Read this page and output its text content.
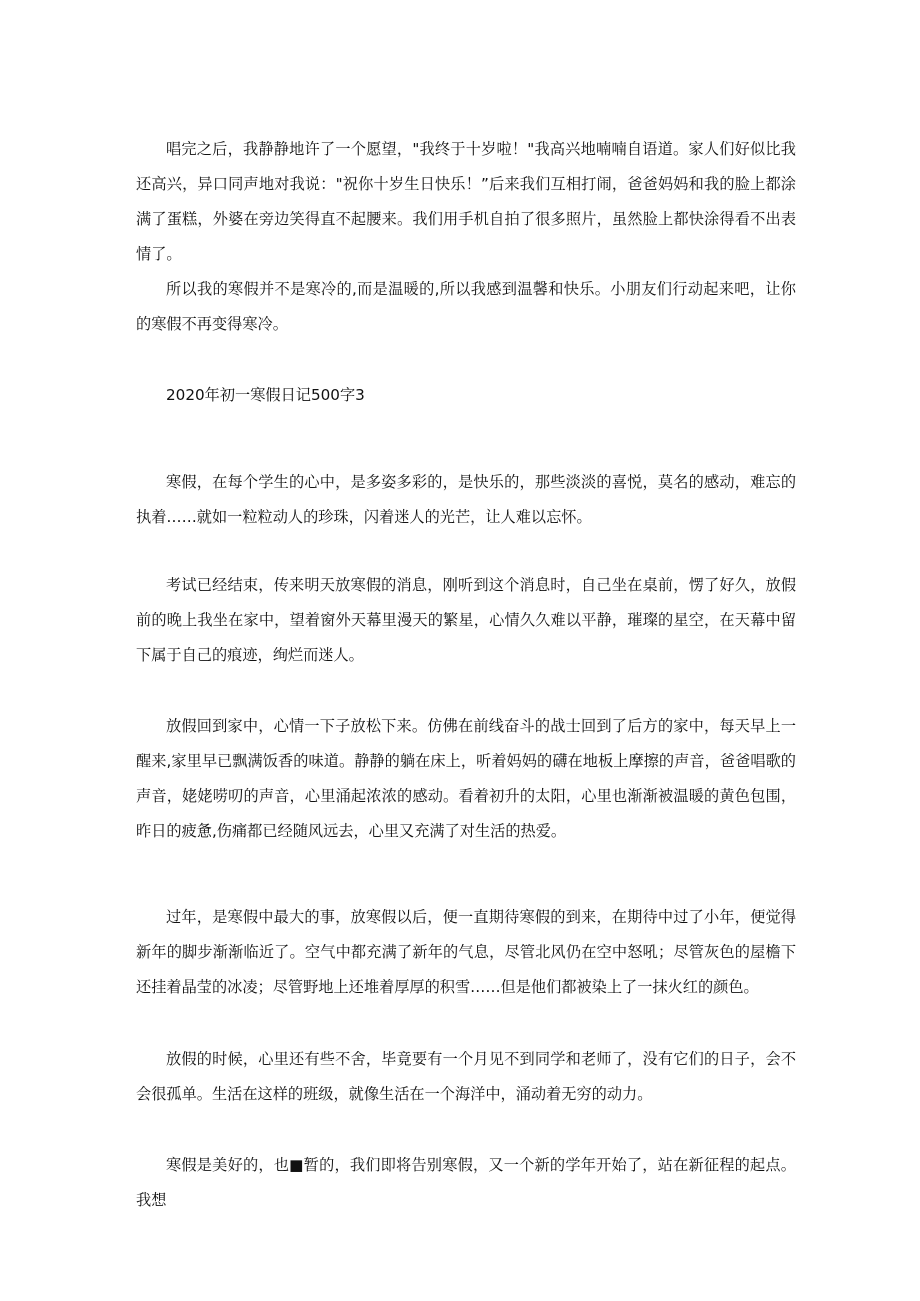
唱完之后，我静静地许了一个愿望，"我终于十岁啦！"我高兴地喃喃自语道。家人们好似比我还高兴，异口同声地对我说："祝你十岁生日快乐！”后来我们互相打闹，爸爸妈妈和我的脸上都涂满了蛋糕，外婆在旁边笑得直不起腰来。我们用手机自拍了很多照片，虽然脸上都快涂得看不出表情了。

所以我的寒假并不是寒冷的,而是温暖的,所以我感到温馨和快乐。小朋友们行动起来吧，让你的寒假不再变得寒冷。

2020年初一寒假日记500字3

寒假，在每个学生的心中，是多姿多彩的，是快乐的，那些淡淡的喜悦，莫名的感动，难忘的执着……就如一粒粒动人的珍珠，闪着迷人的光芒，让人难以忘怀。

考试已经结束，传来明天放寒假的消息，刚听到这个消息时，自己坐在桌前，愣了好久，放假前的晚上我坐在家中，望着窗外天幕里漫天的繁星，心情久久难以平静，璀璨的星空，在天幕中留下属于自己的痕迹，绚烂而迷人。

放假回到家中，心情一下子放松下来。仿佛在前线奋斗的战士回到了后方的家中，每天早上一醒来,家里早已飘满饭香的味道。静静的躺在床上，听着妈妈的礴在地板上摩擦的声音，爸爸唱歌的声音，姥姥唠叨的声音，心里涌起浓浓的感动。看着初升的太阳，心里也渐渐被温暖的黄色包围，昨日的疲惫,伤痛都已经随风远去，心里又充满了对生活的热爱。

过年，是寒假中最大的事，放寒假以后，便一直期待寒假的到来，在期待中过了小年，便觉得新年的脚步渐渐临近了。空气中都充满了新年的气息，尽管北风仍在空中怒吼；尽管灰色的屋檐下还挂着晶莹的冰凌；尽管野地上还堆着厚厚的积雪……但是他们都被染上了一抹火红的颜色。

放假的时候，心里还有些不舍，毕竟要有一个月见不到同学和老师了，没有它们的日子，会不会很孤单。生活在这样的班级，就像生活在一个海洋中，涌动着无穷的动力。

寒假是美好的，也■暂的，我们即将告别寒假，又一个新的学年开始了，站在新征程的起点。我想
